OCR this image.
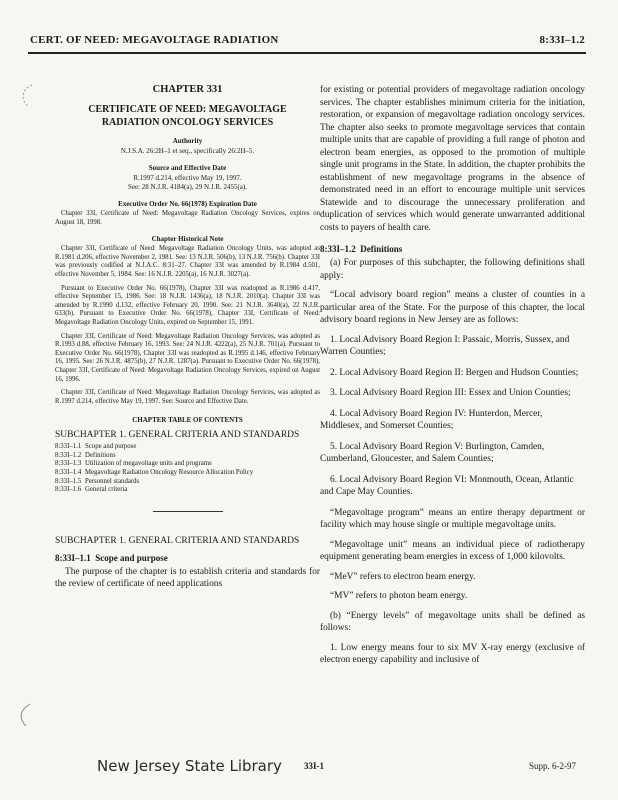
CERT. OF NEED: MEGAVOLTAGE RADIATION	8:33I–1.2
CHAPTER 331
CERTIFICATE OF NEED: MEGAVOLTAGE RADIATION ONCOLOGY SERVICES
Authority
N.J.S.A. 26:2H–1 et seq., specifically 26:2H–5.
Source and Effective Date
R.1997 d.214, effective May 19, 1997.
See: 28 N.J.R. 4184(a), 29 N.J.R. 2455(a).
Executive Order No. 66(1978) Expiration Date
Chapter 33I, Certificate of Need: Megavoltage Radiation Oncology Services, expires on August 18, 1998.
Chapter Historical Note
Chapter 33I, Certificate of Need: Megavoltage Radiation Oncology Units, was adopted as R.1981 d.206, effective November 2, 1981. See: 13 N.J.R. 506(b), 13 N.J.R. 756(b). Chapter 33I was previously codified at N.J.A.C. 8:31–27. Chapter 33I was amended by R.1984 d.501, effective November 5, 1984. See: 16 N.J.R. 2205(a), 16 N.J.R. 3027(a).
Pursuant to Executive Order No. 66(1978), Chapter 33I was readopted as R.1986 d.417, effective September 15, 1986. See: 18 N.J.R. 1436(a), 18 N.J.R. 2010(a). Chapter 33I was amended by R.1990 d.132, effective February 20, 1990. See: 21 N.J.R. 3640(a), 22 N.J.R. 633(b). Pursuant to Executive Order No. 66(1978), Chapter 33I, Certificate of Need: Megavoltage Radiation Oncology Units, expired on September 15, 1991.
Chapter 33I, Certificate of Need: Megavoltage Radiation Oncology Services, was adopted as R.1993 d.88, effective February 16, 1993. See: 24 N.J.R. 4222(a), 25 N.J.R. 701(a). Pursuant to Executive Order No. 66(1978), Chapter 33I was readopted as R.1995 d.146, effective February 16, 1995. See: 26 N.J.R. 4875(b), 27 N.J.R. 1287(a). Pursuant to Executive Order No. 66(1978), Chapter 33I, Certificate of Need: Megavoltage Radiation Oncology Services, expired on August 16, 1996.
Chapter 33I, Certificate of Need: Megavoltage Radiation Oncology Services, was adopted as R.1997 d.214, effective May 19, 1997. See: Source and Effective Date.
CHAPTER TABLE OF CONTENTS
SUBCHAPTER 1. GENERAL CRITERIA AND STANDARDS
8:33I–1.1 Scope and purpose
8:33I–1.2 Definitions
8:33I–1.3 Utilization of megavoltage units and programs
8:33I–1.4 Megavoltage Radiation Oncology Resource Allocation Policy
8:33I–1.5 Personnel standards
8:33I–1.6 General criteria
SUBCHAPTER 1. GENERAL CRITERIA AND STANDARDS
8:33I–1.1 Scope and purpose
The purpose of the chapter is to establish criteria and standards for the review of certificate of need applications
for existing or potential providers of megavoltage radiation oncology services. The chapter establishes minimum criteria for the initiation, restoration, or expansion of megavoltage radiation oncology services. The chapter also seeks to promote megavoltage services that contain multiple units that are capable of providing a full range of photon and electron beam energies, as opposed to the promotion of multiple single unit programs in the State. In addition, the chapter prohibits the establishment of new megavoltage programs in the absence of demonstrated need in an effort to encourage multiple unit services Statewide and to discourage the unnecessary proliferation and duplication of services which would generate unwarranted additional costs to payers of health care.
8:33I–1.2 Definitions
(a) For purposes of this subchapter, the following definitions shall apply:
“Local advisory board region” means a cluster of counties in a particular area of the State. For the purpose of this chapter, the local advisory board regions in New Jersey are as follows:
1. Local Advisory Board Region I: Passaic, Morris, Sussex, and Warren Counties;
2. Local Advisory Board Region II: Bergen and Hudson Counties;
3. Local Advisory Board Region III: Essex and Union Counties;
4. Local Advisory Board Region IV: Hunterdon, Mercer, Middlesex, and Somerset Counties;
5. Local Advisory Board Region V: Burlington, Camden, Cumberland, Gloucester, and Salem Counties;
6. Local Advisory Board Region VI: Monmouth, Ocean, Atlantic and Cape May Counties.
“Megavoltage program” means an entire therapy department or facility which may house single or multiple megavoltage units.
“Megavoltage unit” means an individual piece of radiotherapy equipment generating beam energies in excess of 1,000 kilovolts.
“MeV” refers to electron beam energy.
“MV” refers to photon beam energy.
(b) “Energy levels” of megavoltage units shall be defined as follows:
1. Low energy means four to six MV X-ray energy (exclusive of electron energy capability and inclusive of
New Jersey State Library 33I-1	Supp. 6-2-97
